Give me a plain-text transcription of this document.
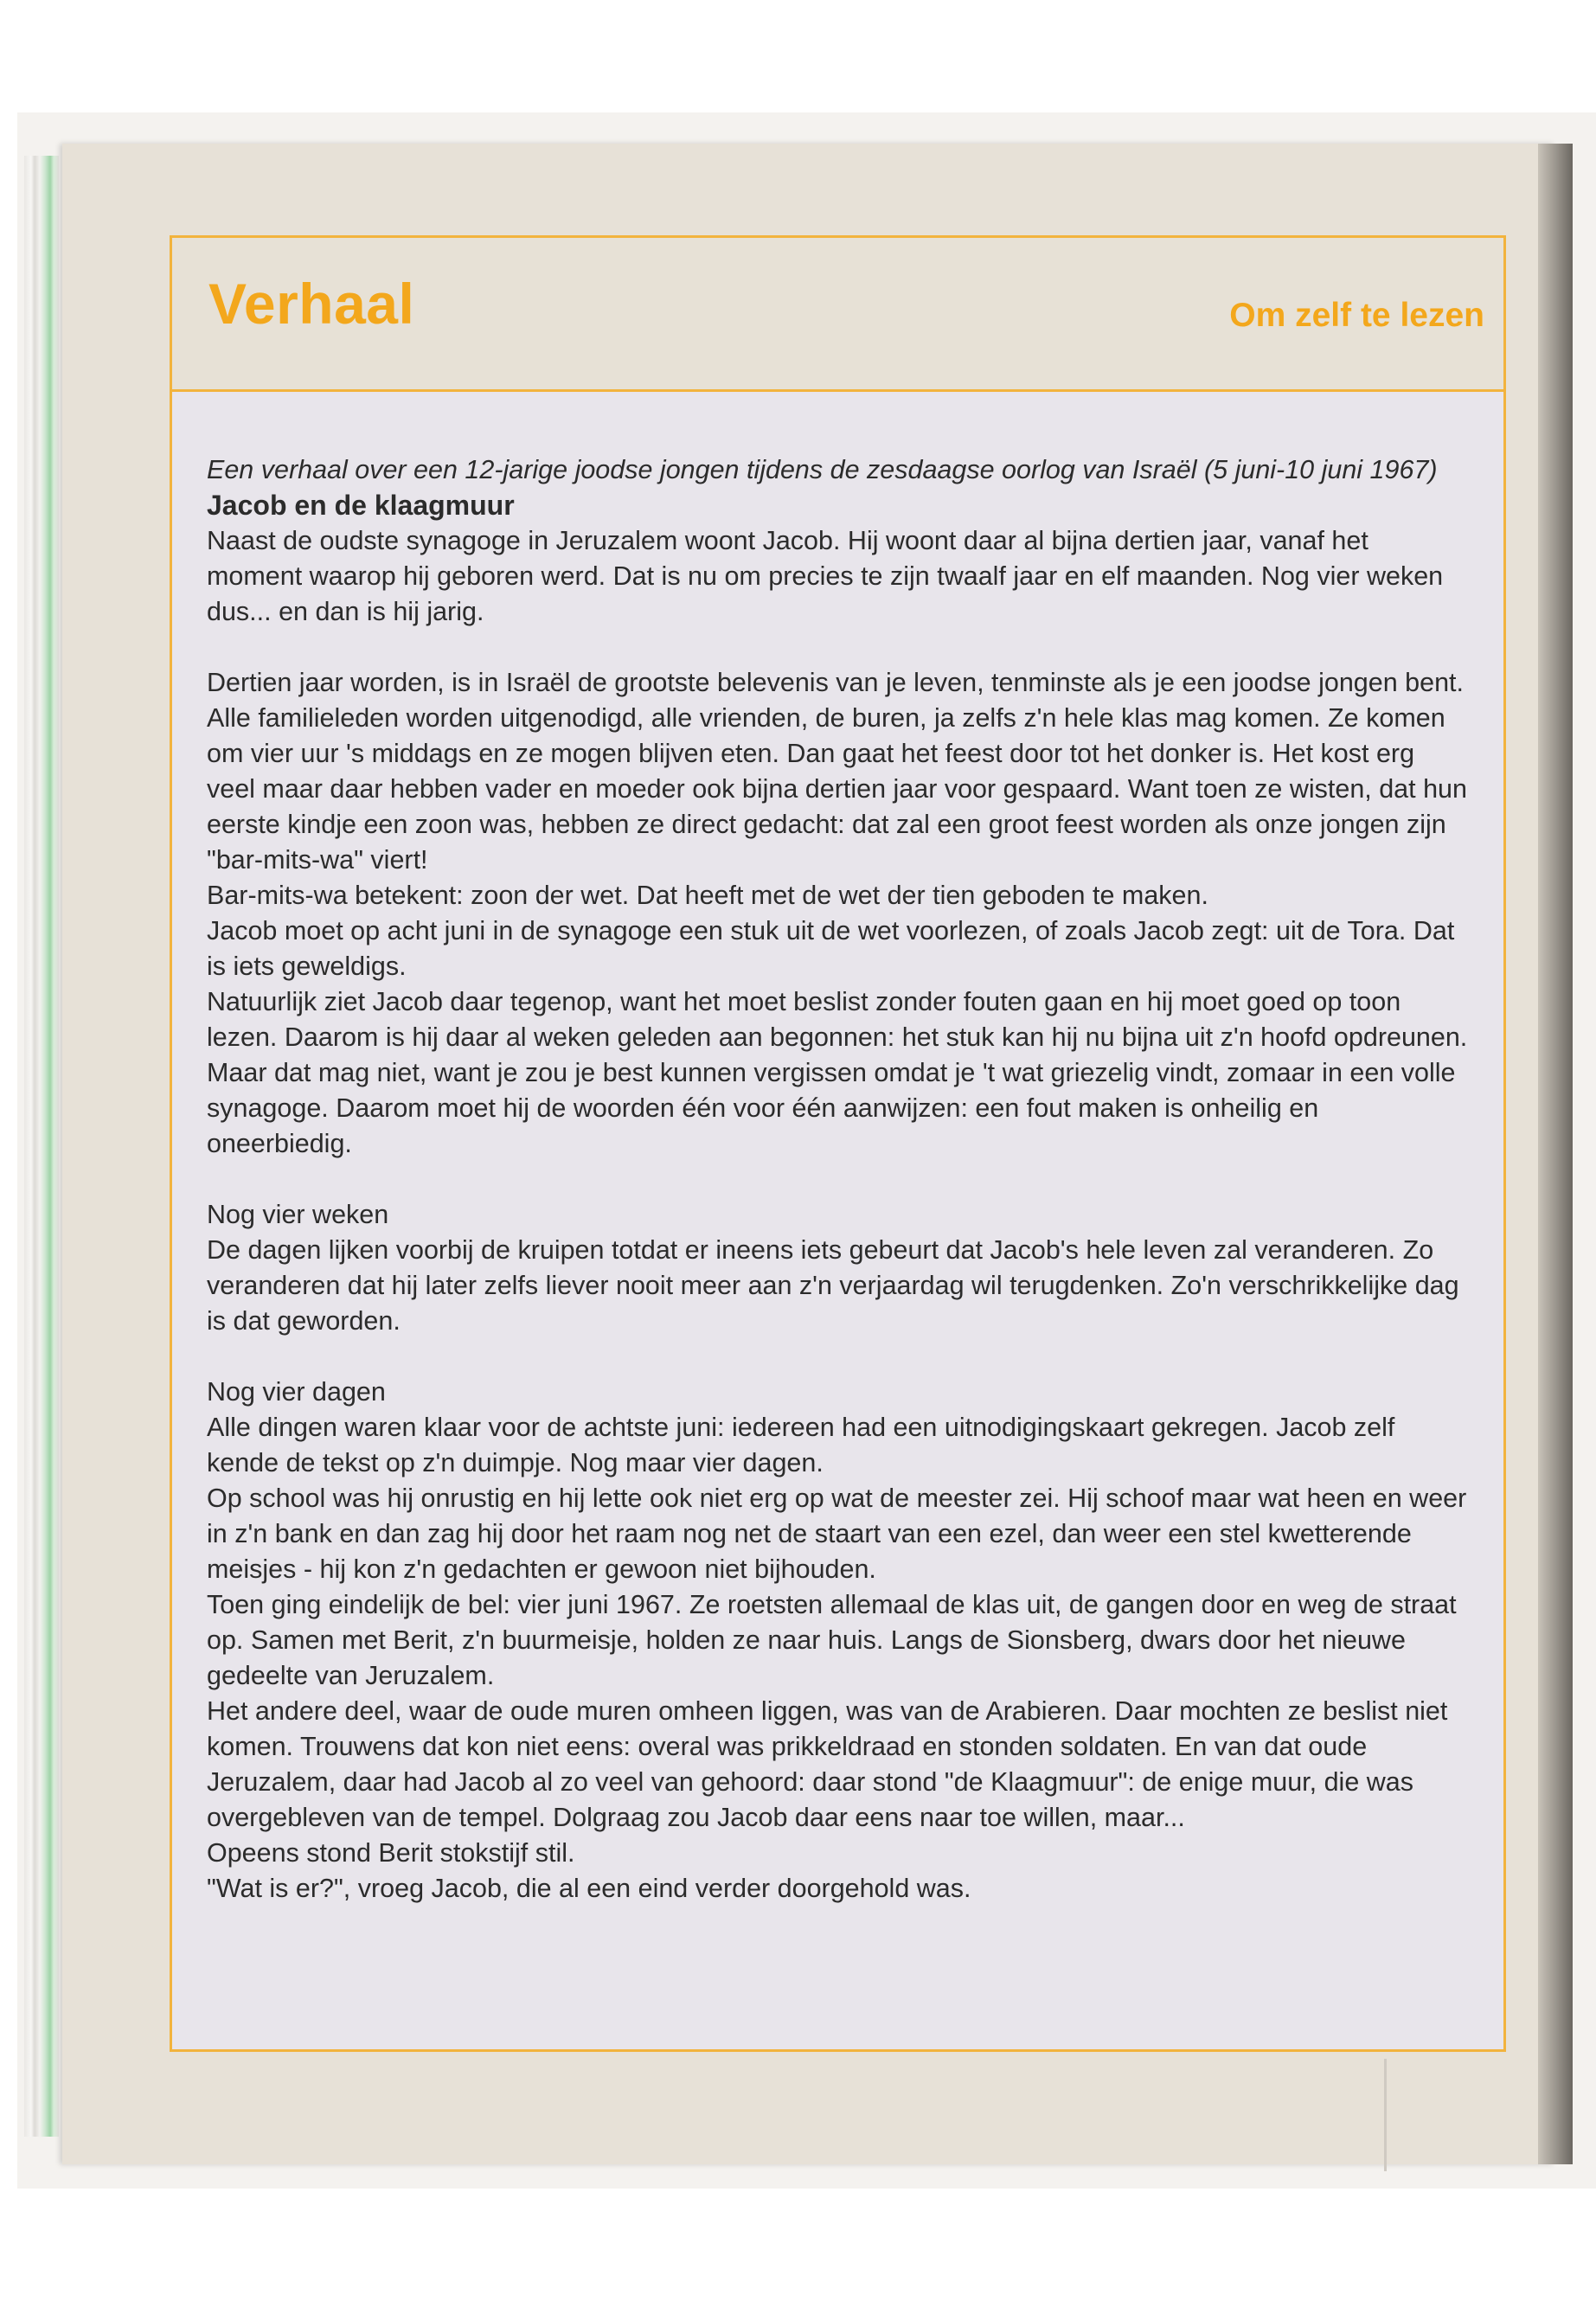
Verhaal	Om zelf te lezen

Een verhaal over een 12-jarige joodse jongen tijdens de zesdaagse oorlog van Israël (5 juni-10 juni 1967)

Jacob en de klaagmuur

Naast de oudste synagoge in Jeruzalem woont Jacob. Hij woont daar al bijna dertien jaar, vanaf het moment waarop hij geboren werd. Dat is nu om precies te zijn twaalf jaar en elf maanden. Nog vier weken dus... en dan is hij jarig.

Dertien jaar worden, is in Israël de grootste belevenis van je leven, tenminste als je een joodse jongen bent. Alle familieleden worden uitgenodigd, alle vrienden, de buren, ja zelfs z'n hele klas mag komen. Ze komen om vier uur 's middags en ze mogen blijven eten. Dan gaat het feest door tot het donker is. Het kost erg veel maar daar hebben vader en moeder ook bijna dertien jaar voor gespaard. Want toen ze wisten, dat hun eerste kindje een zoon was, hebben ze direct gedacht: dat zal een groot feest worden als onze jongen zijn "bar-mits-wa" viert!

Bar-mits-wa betekent: zoon der wet. Dat heeft met de wet der tien geboden te maken.

Jacob moet op acht juni in de synagoge een stuk uit de wet voorlezen, of zoals Jacob zegt: uit de Tora. Dat is iets geweldigs.

Natuurlijk ziet Jacob daar tegenop, want het moet beslist zonder fouten gaan en hij moet goed op toon lezen. Daarom is hij daar al weken geleden aan begonnen: het stuk kan hij nu bijna uit z'n hoofd opdreunen. Maar dat mag niet, want je zou je best kunnen vergissen omdat je 't wat griezelig vindt, zomaar in een volle synagoge. Daarom moet hij de woorden één voor één aanwijzen: een fout maken is onheilig en oneerbiedig.

Nog vier weken

De dagen lijken voorbij de kruipen totdat er ineens iets gebeurt dat Jacob's hele leven zal veranderen. Zo veranderen dat hij later zelfs liever nooit meer aan z'n verjaardag wil terugdenken. Zo'n verschrikkelijke dag is dat geworden.

Nog vier dagen

Alle dingen waren klaar voor de achtste juni: iedereen had een uitnodigingskaart gekregen. Jacob zelf kende de tekst op z'n duimpje. Nog maar vier dagen.

Op school was hij onrustig en hij lette ook niet erg op wat de meester zei. Hij schoof maar wat heen en weer in z'n bank en dan zag hij door het raam nog net de staart van een ezel, dan weer een stel kwetterende meisjes - hij kon z'n gedachten er gewoon niet bijhouden.

Toen ging eindelijk de bel: vier juni 1967. Ze roetsten allemaal de klas uit, de gangen door en weg de straat op. Samen met Berit, z'n buurmeisje, holden ze naar huis. Langs de Sionsberg, dwars door het nieuwe gedeelte van Jeruzalem.

Het andere deel, waar de oude muren omheen liggen, was van de Arabieren. Daar mochten ze beslist niet komen. Trouwens dat kon niet eens: overal was prikkeldraad en stonden soldaten. En van dat oude Jeruzalem, daar had Jacob al zo veel van gehoord: daar stond "de Klaagmuur": de enige muur, die was overgebleven van de tempel. Dolgraag zou Jacob daar eens naar toe willen, maar...

Opeens stond Berit stokstijf stil.

"Wat is er?", vroeg Jacob, die al een eind verder doorgehold was.
